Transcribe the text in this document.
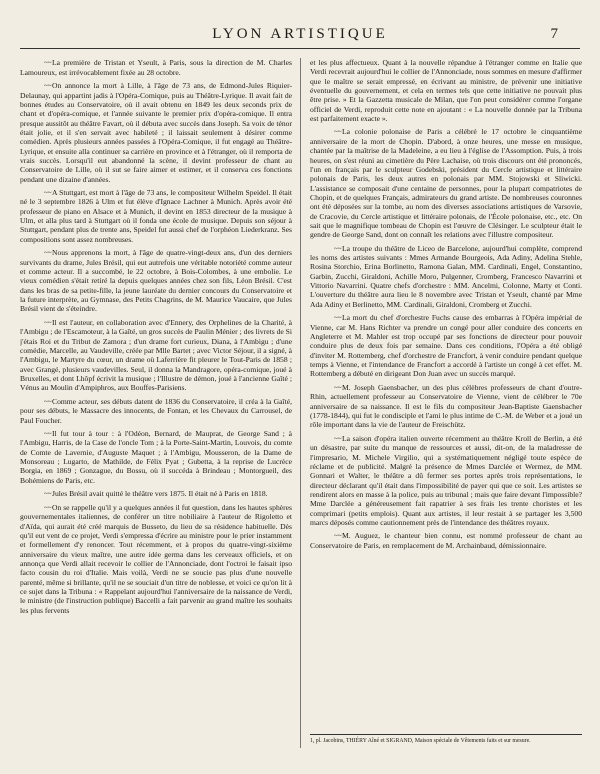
LYON ARTISTIQUE	7

~~La première de Tristan et Yseult, à Paris, sous la direction de M. Charles Lamoureux, est irrévocablement fixée au 28 octobre.

~~On annonce la mort à Lille, à l'âge de 73 ans, de Edmond-Jules Riquier-Delaunay, qui appartint jadis à l'Opéra-Comique, puis au Théâtre-Lyrique. Il avait fait de bonnes études au Conservatoire, où il avait obtenu en 1849 les deux seconds prix de chant et d'opéra-comique, et l'année suivante le premier prix d'opéra-comique. Il entra presque aussitôt au théâtre Favart, où il débuta avec succès dans Joseph. Sa voix de ténor était jolie, et il s'en servait avec habileté ; il laissait seulement à désirer comme comédien. Après plusieurs années passées à l'Opéra-Comique, il fut engagé au Théâtre-Lyrique, et ensuite alla continuer sa carrière en province et à l'étranger, où il remporta de vrais succès. Lorsqu'il eut abandonné la scène, il devint professeur de chant au Conservatoire de Lille, où il sut se faire aimer et estimer, et il conserva ces fonctions pendant une dizaine d'années.

~~A Stuttgart, est mort à l'âge de 73 ans, le compositeur Wilhelm Speidel. Il était né le 3 septembre 1826 à Ulm et fut élève d'Ignace Lachner à Munich. Après avoir été professeur de piano en Alsace et à Munich, il devint en 1853 directeur de la musique à Ulm, et alla plus tard à Stuttgart où il fonda une école de musique. Depuis son séjour à Stuttgart, pendant plus de trente ans, Speidel fut aussi chef de l'orphéon Liederkranz. Ses compositions sont assez nombreuses.

~~Nous apprenons la mort, à l'âge de quatre-vingt-deux ans, d'un des derniers survivants du drame, Jules Brésil, qui eut autrefois une véritable notoriété comme auteur et comme acteur. Il a succombé, le 22 octobre, à Bois-Colombes, à une embolie. Le vieux comédien s'était retiré la depuis quelques années chez son fils, Léon Brésil. C'est dans les bras de sa petite-fille, la jeune lauréate du dernier concours du Conservatoire et la future interprète, au Gymnase, des Petits Chagrins, de M. Maurice Vaucaire, que Jules Brésil vient de s'éteindre.

~~Il est l'auteur, en collaboration avec d'Ennery, des Orphelines de la Charité, à l'Ambigu ; de l'Escamoteur, à la Gaîté, un gros succès de Paulin Ménier ; des livrets de Si j'étais Roi et du Tribut de Zamora ; d'un drame fort curieux, Diana, à l'Ambigu ; d'une comédie, Marcelle, au Vaudeville, créée par Mlle Bartet ; avec Victor Séjour, il a signé, à l'Ambigu, le Martyre du cœur, un drame où Laferrière fit pleurer le Tout-Paris de 1858 ; avec Grangé, plusieurs vaudevilles. Seul, il donna la Mandragore, opéra-comique, joué à Bruxelles, et dont Lhôpf écrivit la musique ; l'Illustre de démon, joué à l'ancienne Gaîté ; Vénus au Moulin d'Ampiphros, aux Bouffes-Parisiens.

~~Comme acteur, ses débuts datent de 1836 du Conservatoire, il créa à la Gaîté, pour ses débuts, le Massacre des innocents, de Fontan, et les Chevaux du Carrousel, de Paul Foucher.

~~Il fut tour à tour : à l'Odéon, Bernard, de Mauprat, de George Sand ; à l'Ambigu, Harris, de la Case de l'oncle Tom ; à la Porte-Saint-Martin, Louvois, du comte de Comte de Lavernie, d'Auguste Maquet ; à l'Ambigu, Mousseron, de la Dame de Monsoreau ; Lugarto, de Mathilde, de Félix Pyat ; Gubetta, à la reprise de Lucrèce Borgia, en 1869 ; Gonzague, du Bossu, où il succéda à Brindeau ; Montorgueil, des Bohémiens de Paris, etc.

~~Jules Brésil avait quitté le théâtre vers 1875. Il était né à Paris en 1818.

~~On se rappelle qu'il y a quelques années il fut question, dans les hautes sphères gouvernementales italiennes, de conférer un titre nobiliaire à l'auteur de Rigoletto et d'Aïda, qui aurait été créé marquis de Busseto, du lieu de sa résidence habituelle. Dès qu'il eut vent de ce projet, Verdi s'empressa d'écrire au ministre pour le prier instamment et formellement d'y renoncer. Tout récemment, et à propos du quatre-vingt-sixième anniversaire du vieux maître, une autre idée germa dans les cerveaux officiels, et on annonça que Verdi allait recevoir le collier de l'Annonciade, dont l'octroi le faisait ipso facto cousin du roi d'Italie. Mais voilà, Verdi ne se soucie pas plus d'une nouvelle parenté, même si brillante, qu'il ne se souciait d'un titre de noblesse, et voici ce qu'on lit à ce sujet dans la Tribuna : « Rappelant aujourd'hui l'anniversaire de la naissance de Verdi, le ministre (de l'instruction publique) Baccelli a fait parvenir au grand maître les souhaits les plus fervents

et les plus affectueux. Quant à la nouvelle répandue à l'étranger comme en Italie que Verdi recevrait aujourd'hui le collier de l'Annonciade, nous sommes en mesure d'affirmer que le maître se serait empressé, en écrivant au ministre, de prévenir une initiative éventuelle du gouvernement, et cela en termes tels que cette initiative ne pouvait plus être prise. » Et la Gazzetta musicale de Milan, que l'on peut considérer comme l'organe officiel de Verdi, reproduit cette note en ajoutant : « La nouvelle donnée par la Tribuna est parfaitement exacte ».

~~La colonie polonaise de Paris a célébré le 17 octobre le cinquantième anniversaire de la mort de Chopin. D'abord, à onze heures, une messe en musique, chantée par la maîtrise de la Madeleine, a eu lieu à l'église de l'Assomption. Puis, à trois heures, on s'est réuni au cimetière du Père Lachaise, où trois discours ont été prononcés, l'un en français par le sculpteur Godebski, président du Cercle artistique et littéraire polonais de Paris, les deux autres en polonais par MM. Stojowski et Sliwicki. L'assistance se composait d'une centaine de personnes, pour la plupart compatriotes de Chopin, et de quelques Français, admirateurs du grand artiste. De nombreuses couronnes ont été déposées sur la tombe, au nom des diverses associations artistiques de Varsovie, de Cracovie, du Cercle artistique et littéraire polonais, de l'École polonaise, etc., etc. On sait que le magnifique tombeau de Chopin est l'œuvre de Clésinger. Le sculpteur était le gendre de George Sand, dont on connaît les relations avec l'illustre compositeur.

~~La troupe du théâtre de Liceo de Barcelone, aujourd'hui complète, comprend les noms des artistes suivants : Mmes Armande Bourgeois, Ada Adiny, Adelina Stehle, Rosina Storchio, Erina Borlinetto, Ramona Galan, MM. Cardinali, Engel, Constantino, Garbin, Zucchi, Giraldoni, Achille Moro, Pulgenner, Cromberg, Francesco Navarrini et Vittorio Navarrini. Quatre chefs d'orchestre : MM. Ancelmi, Colonne, Marty et Conti. L'ouverture du théâtre aura lieu le 8 novembre avec Tristan et Yseult, chanté par Mme Ada Adiny et Berlinetto, MM. Cardinali, Giraldoni, Cromberg et Zucchi.

~~La mort du chef d'orchestre Fuchs cause des embarras à l'Opéra impérial de Vienne, car M. Hans Richter va prendre un congé pour aller conduire des concerts en Angleterre et M. Mahler est trop occupé par ses fonctions de directeur pour pouvoir conduire plus de deux fois par semaine. Dans ces conditions, l'Opéra a été obligé d'inviter M. Rottemberg, chef d'orchestre de Francfort, à venir conduire pendant quelque temps à Vienne, et l'intendance de Francfort a accordé à l'artiste un congé à cet effet. M. Rottemberg a débuté en dirigeant Don Juan avec un succès marqué.

~~M. Joseph Gaensbacher, un des plus célèbres professeurs de chant d'outre-Rhin, actuellement professeur au Conservatoire de Vienne, vient de célébrer le 70e anniversaire de sa naissance. Il est le fils du compositeur Jean-Baptiste Gaensbacher (1778-1844), qui fut le condisciple et l'ami le plus intime de C.-M. de Weber et a joué un rôle important dans la vie de l'auteur de Freischütz.

~~La saison d'opéra italien ouverte récemment au théâtre Kroll de Berlin, a été un désastre, par suite du manque de ressources et aussi, dit-on, de la maladresse de l'impresario, M. Michele Virgilio, qui a systématiquement négligé toute espèce de réclame et de publicité. Malgré la présence de Mmes Darclée et Wermez, de MM. Gonnari et Walter, le théâtre a dû fermer ses portes après trois représentations, le directeur déclarant qu'il était dans l'impossibilité de payer qui que ce soit. Les artistes se rendirent alors en masse à la police, puis au tribunal ; mais que faire devant l'impossible? Mme Darclée a généreusement fait rapatrier à ses frais les trente choristes et les comprimari (petits emplois). Quant aux artistes, il leur restait à se partager les 3,500 marcs déposés comme cautionnement près de l'intendance des théâtres royaux.

~~M. Auguez, le chanteur bien connu, est nommé professeur de chant au Conservatoire de Paris, en remplacement de M. Archainbaud, démissionnaire.

1, pl. Jacobins, THIÉRY Aîné et SIGRAND, Maison spéciale de Vêtements faits et sur mesure.
